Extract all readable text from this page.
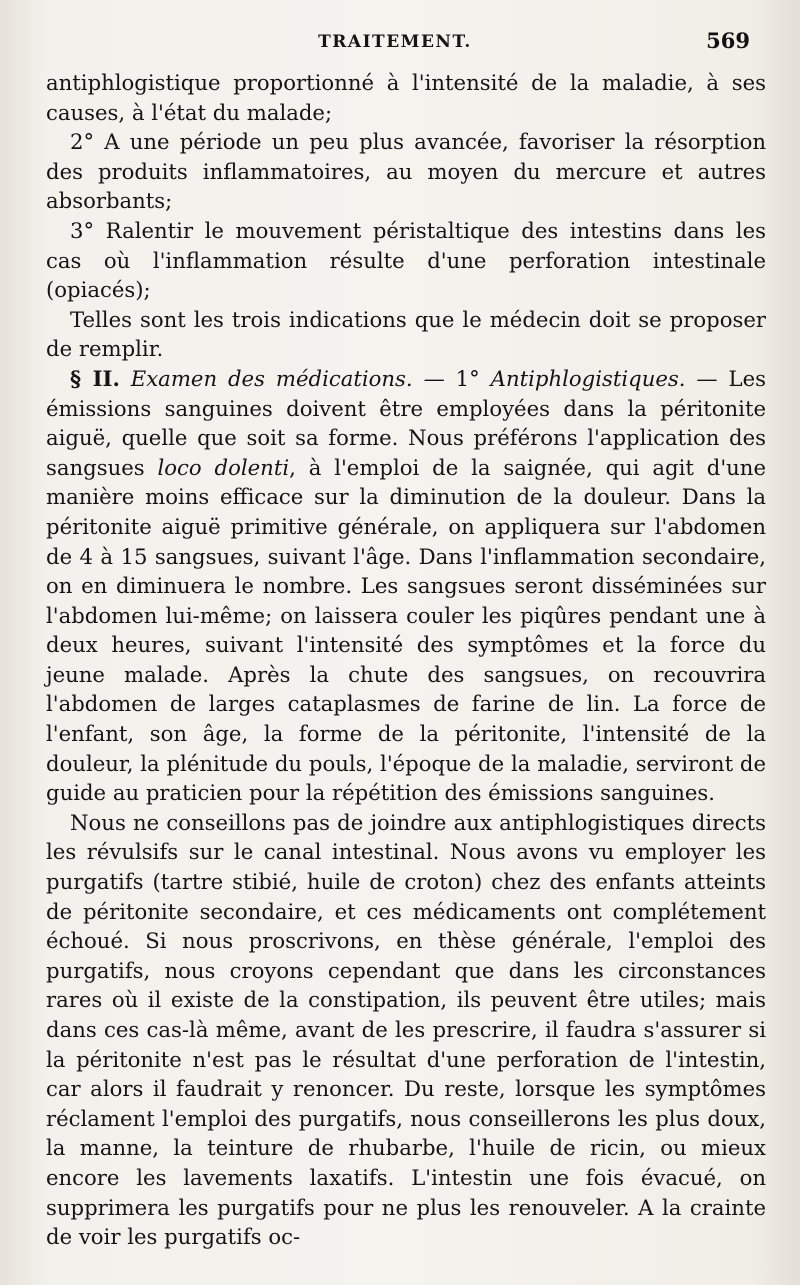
TRAITEMENT.	569

antiphlogistique proportionné à l'intensité de la maladie, à ses causes, à l'état du malade;

2° A une période un peu plus avancée, favoriser la résorption des produits inflammatoires, au moyen du mercure et autres absorbants;

3° Ralentir le mouvement péristaltique des intestins dans les cas où l'inflammation résulte d'une perforation intestinale (opiacés);

Telles sont les trois indications que le médecin doit se proposer de remplir.

§ II. Examen des médications. — 1° Antiphlogistiques. — Les émissions sanguines doivent être employées dans la péritonite aiguë, quelle que soit sa forme. Nous préférons l'application des sangsues loco dolenti, à l'emploi de la saignée, qui agit d'une manière moins efficace sur la diminution de la douleur. Dans la péritonite aiguë primitive générale, on appliquera sur l'abdomen de 4 à 15 sangsues, suivant l'âge. Dans l'inflammation secondaire, on en diminuera le nombre. Les sangsues seront disséminées sur l'abdomen lui-même; on laissera couler les piqûres pendant une à deux heures, suivant l'intensité des symptômes et la force du jeune malade. Après la chute des sangsues, on recouvrira l'abdomen de larges cataplasmes de farine de lin. La force de l'enfant, son âge, la forme de la péritonite, l'intensité de la douleur, la plénitude du pouls, l'époque de la maladie, serviront de guide au praticien pour la répétition des émissions sanguines.

Nous ne conseillons pas de joindre aux antiphlogistiques directs les révulsifs sur le canal intestinal. Nous avons vu employer les purgatifs (tartre stibié, huile de croton) chez des enfants atteints de péritonite secondaire, et ces médicaments ont complétement échoué. Si nous proscrivons, en thèse générale, l'emploi des purgatifs, nous croyons cependant que dans les circonstances rares où il existe de la constipation, ils peuvent être utiles; mais dans ces cas-là même, avant de les prescrire, il faudra s'assurer si la péritonite n'est pas le résultat d'une perforation de l'intestin, car alors il faudrait y renoncer. Du reste, lorsque les symptômes réclament l'emploi des purgatifs, nous conseillerons les plus doux, la manne, la teinture de rhubarbe, l'huile de ricin, ou mieux encore les lavements laxatifs. L'intestin une fois évacué, on supprimera les purgatifs pour ne plus les renouveler. A la crainte de voir les purgatifs oc-
